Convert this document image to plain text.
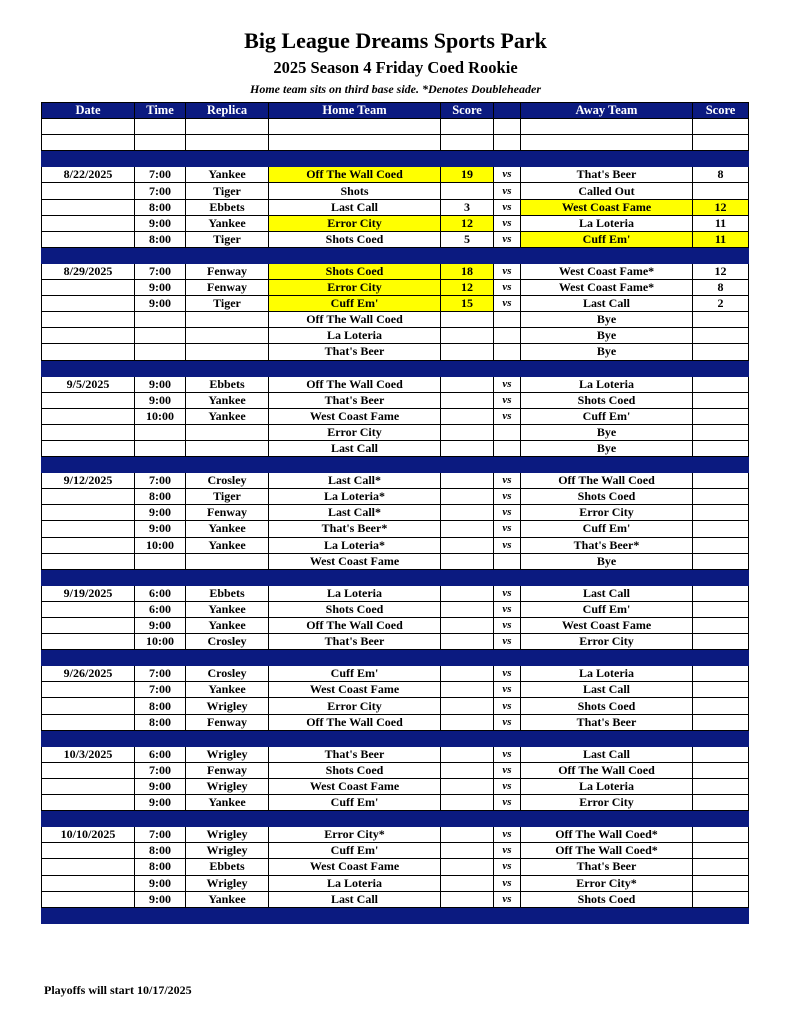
Big League Dreams Sports Park
2025 Season 4 Friday Coed Rookie
Home team sits on third base side. *Denotes Doubleheader
Date	Time	Replica	Home Team	Score		Away Team	Score

8/22/2025	7:00	Yankee	Off The Wall Coed	19	vs	That's Beer	8
	7:00	Tiger	Shots		vs	Called Out	
	8:00	Ebbets	Last Call	3	vs	West Coast Fame	12
	9:00	Yankee	Error City	12	vs	La Loteria	11
	8:00	Tiger	Shots Coed	5	vs	Cuff Em'	11

8/29/2025	7:00	Fenway	Shots Coed	18	vs	West Coast Fame*	12
	9:00	Fenway	Error City	12	vs	West Coast Fame*	8
	9:00	Tiger	Cuff Em'	15	vs	Last Call	2
			Off The Wall Coed			Bye	
			La Loteria			Bye	
			That's Beer			Bye	

9/5/2025	9:00	Ebbets	Off The Wall Coed		vs	La Loteria	
	9:00	Yankee	That's Beer		vs	Shots Coed	
	10:00	Yankee	West Coast Fame		vs	Cuff Em'	
			Error City			Bye	
			Last Call			Bye	

9/12/2025	7:00	Crosley	Last Call*		vs	Off The Wall Coed	
	8:00	Tiger	La Loteria*		vs	Shots Coed	
	9:00	Fenway	Last Call*		vs	Error City	
	9:00	Yankee	That's Beer*		vs	Cuff Em'	
	10:00	Yankee	La Loteria*		vs	That's Beer*	
			West Coast Fame			Bye	

9/19/2025	6:00	Ebbets	La Loteria		vs	Last Call	
	6:00	Yankee	Shots Coed		vs	Cuff Em'	
	9:00	Yankee	Off The Wall Coed		vs	West Coast Fame	
	10:00	Crosley	That's Beer		vs	Error City	

9/26/2025	7:00	Crosley	Cuff Em'		vs	La Loteria	
	7:00	Yankee	West Coast Fame		vs	Last Call	
	8:00	Wrigley	Error City		vs	Shots Coed	
	8:00	Fenway	Off The Wall Coed		vs	That's Beer	

10/3/2025	6:00	Wrigley	That's Beer		vs	Last Call	
	7:00	Fenway	Shots Coed		vs	Off The Wall Coed	
	9:00	Wrigley	West Coast Fame		vs	La Loteria	
	9:00	Yankee	Cuff Em'		vs	Error City	

10/10/2025	7:00	Wrigley	Error City*		vs	Off The Wall Coed*	
	8:00	Wrigley	Cuff Em'		vs	Off The Wall Coed*	
	8:00	Ebbets	West Coast Fame		vs	That's Beer	
	9:00	Wrigley	La Loteria		vs	Error City*	
	9:00	Yankee	Last Call		vs	Shots Coed	

Playoffs will start 10/17/2025
